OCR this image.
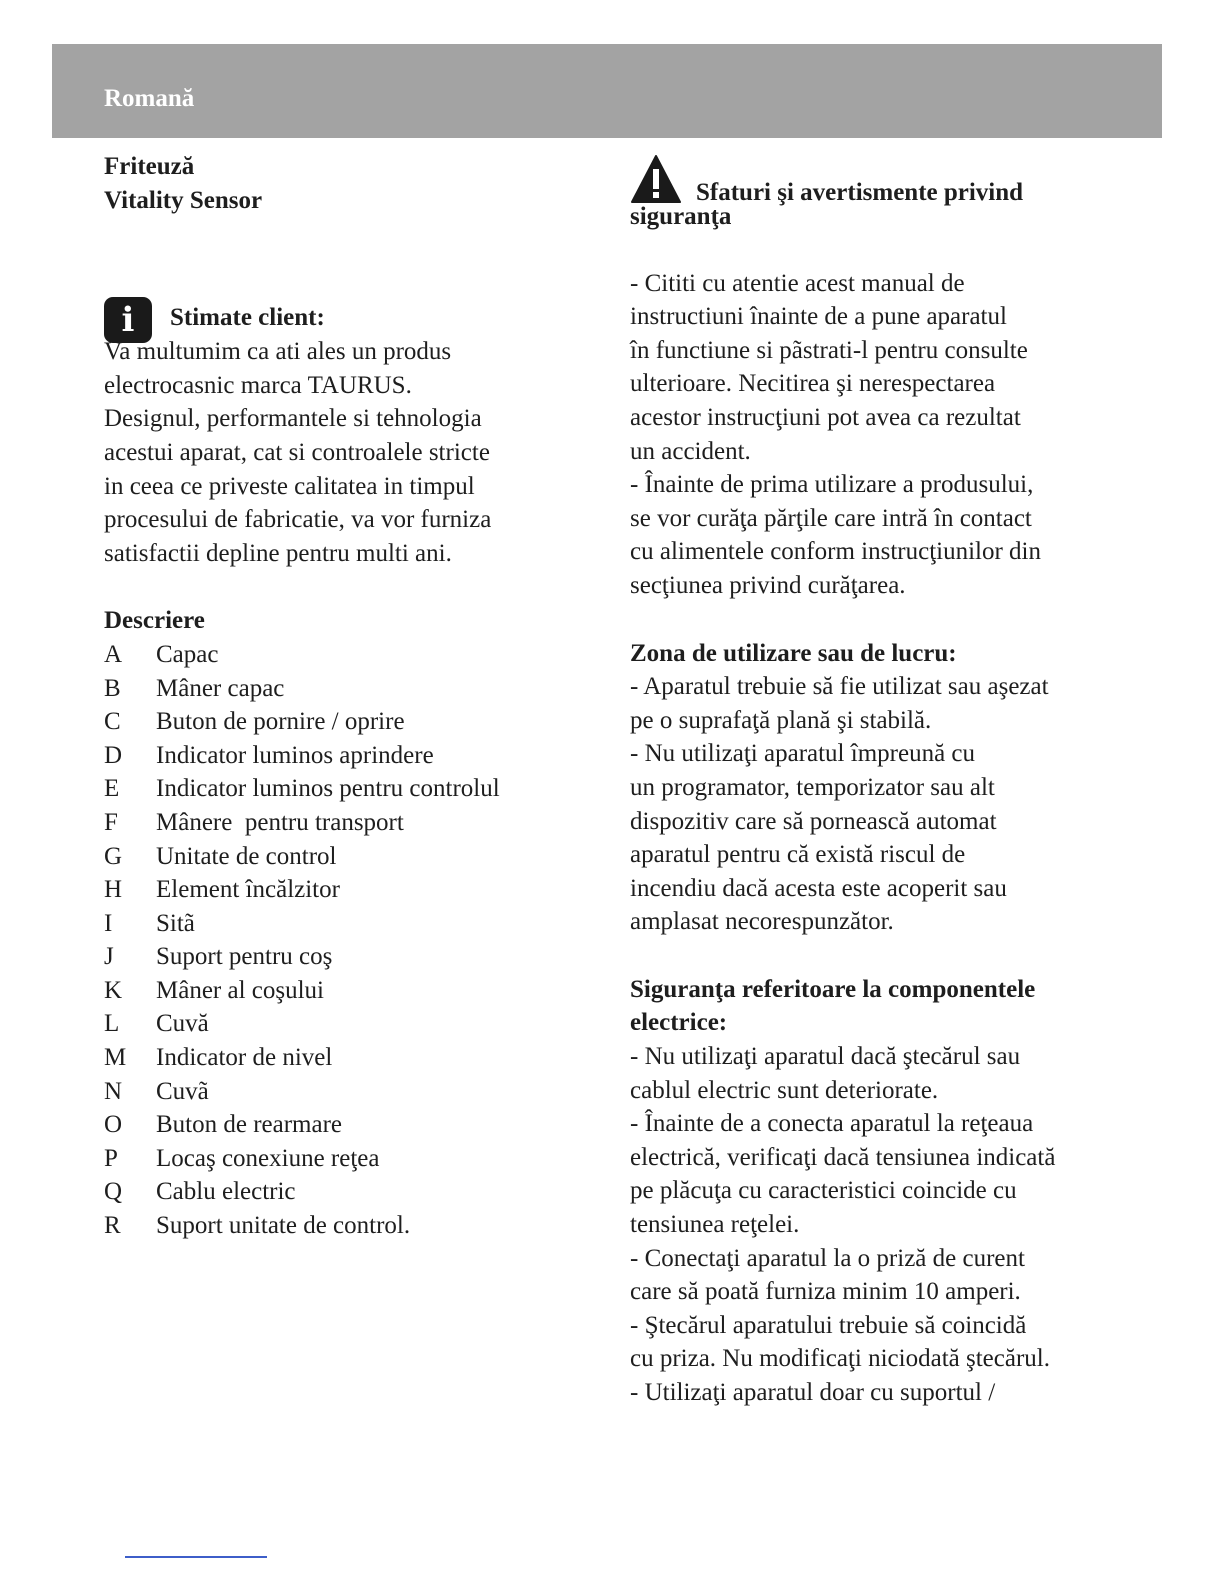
Romană
Friteuză
Vitality Sensor
i Stimate client:
Va multumim ca ati ales un produs
electrocasnic marca TAURUS.
Designul, performantele si tehnologia
acestui aparat, cat si controalele stricte
in ceea ce priveste calitatea in timpul
procesului de fabricatie, va vor furniza
satisfactii depline pentru multi ani.
Descriere
A Capac
B Mâner capac
C Buton de pornire / oprire
D Indicator luminos aprindere
E Indicator luminos pentru controlul
F Mânere  pentru transport
G Unitate de control
H Element încălzitor
I Sitã
J Suport pentru coş
K Mâner al coşului
L Cuvă
M Indicator de nivel
N Cuvã
O Buton de rearmare
P Locaş conexiune reţea
Q Cablu electric
R Suport unitate de control.
Sfaturi şi avertismente privind
siguranţa
- Cititi cu atentie acest manual de
instructiuni înainte de a pune aparatul
în functiune si pãstrati-l pentru consulte
ulterioare. Necitirea şi nerespectarea
acestor instrucţiuni pot avea ca rezultat
un accident.
- Înainte de prima utilizare a produsului,
se vor curăţa părţile care intră în contact
cu alimentele conform instrucţiunilor din
secţiunea privind curăţarea.
Zona de utilizare sau de lucru:
- Aparatul trebuie să fie utilizat sau aşezat
pe o suprafaţă plană şi stabilă.
- Nu utilizaţi aparatul împreună cu
un programator, temporizator sau alt
dispozitiv care să pornească automat
aparatul pentru că există riscul de
incendiu dacă acesta este acoperit sau
amplasat necorespunzător.
Siguranţa referitoare la componentele
electrice:
- Nu utilizaţi aparatul dacă ştecărul sau
cablul electric sunt deteriorate.
- Înainte de a conecta aparatul la reţeaua
electrică, verificaţi dacă tensiunea indicată
pe plăcuţa cu caracteristici coincide cu
tensiunea reţelei.
- Conectaţi aparatul la o priză de curent
care să poată furniza minim 10 amperi.
- Ştecărul aparatului trebuie să coincidă
cu priza. Nu modificaţi niciodată ştecărul.
- Utilizaţi aparatul doar cu suportul /
